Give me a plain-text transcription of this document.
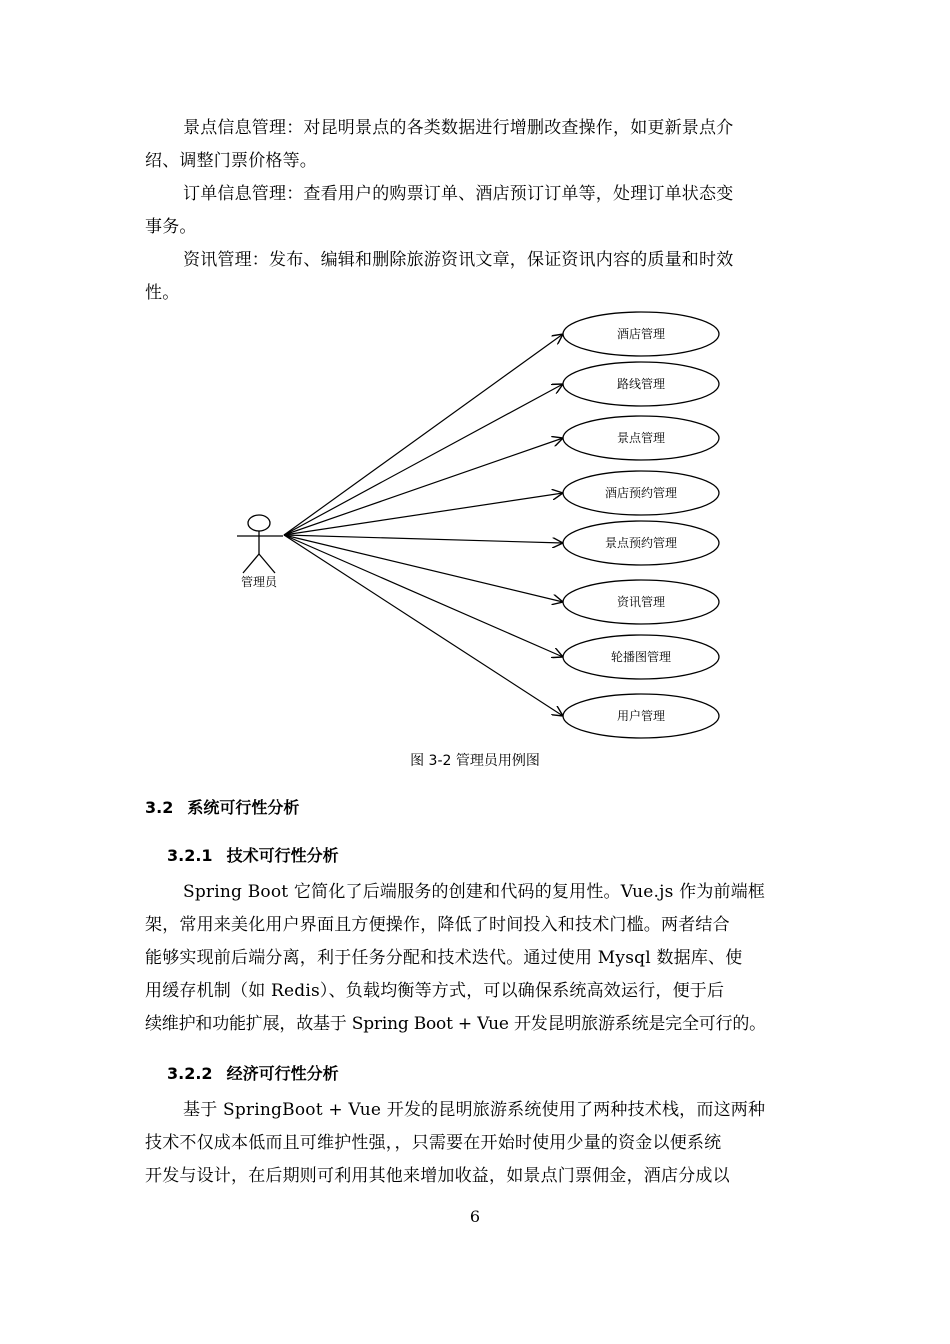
景点信息管理：对昆明景点的各类数据进行增删改查操作，如更新景点介
绍、调整门票价格等。
订单信息管理：查看用户的购票订单、酒店预订订单等，处理订单状态变
事务。
资讯管理：发布、编辑和删除旅游资讯文章，保证资讯内容的质量和时效
性。
管理员
酒店管理
路线管理
景点管理
酒店预约管理
景点预约管理
资讯管理
轮播图管理
用户管理
图 3-2 管理员用例图
3.2 系统可行性分析
3.2.1 技术可行性分析
Spring Boot 它简化了后端服务的创建和代码的复用性。Vue.js 作为前端框
架，常用来美化用户界面且方便操作，降低了时间投入和技术门槛。两者结合
能够实现前后端分离，利于任务分配和技术迭代。通过使用 Mysql 数据库、使
用缓存机制（如 Redis）、负载均衡等方式，可以确保系统高效运行，便于后
续维护和功能扩展，故基于 Spring Boot + Vue 开发昆明旅游系统是完全可行的。
3.2.2 经济可行性分析
基于 SpringBoot + Vue 开发的昆明旅游系统使用了两种技术栈，而这两种
技术不仅成本低而且可维护性强，，只需要在开始时使用少量的资金以便系统
开发与设计，在后期则可利用其他来增加收益，如景点门票佣金，酒店分成以
6
